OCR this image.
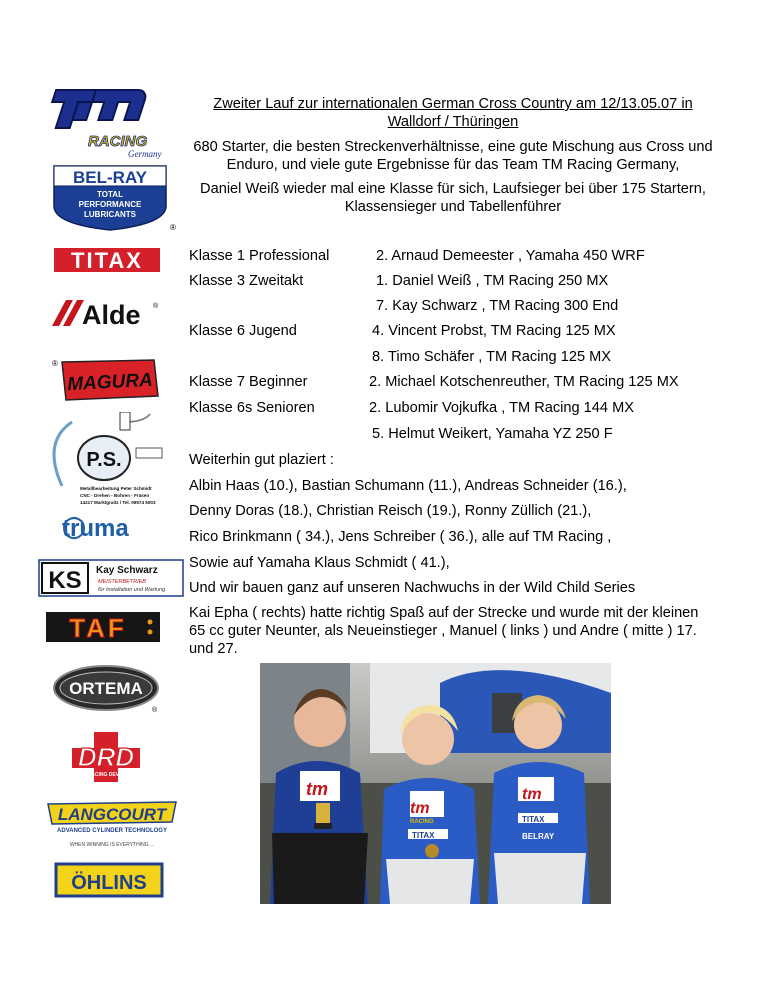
RACING
Germany
BEL-RAY
TOTAL
PERFORMANCE
LUBRICANTS
®
TITAX
Alde ®
MAGURA
®
P.S.
Metallbearbeitung Peter Schmidt
CNC - Drehen - Bohren - Fräsen
14217 Marktgraitz / Tel. 09574 5003
truma
KS Kay Schwarz
MEISTERBETRIEB
für Installation und Wartung
TAF
ORTEMA
®
DRD
DOUBLE RACING DEVELOPMENT
LANGCOURT
ADVANCED CYLINDER TECHNOLOGY
WHEN WINNING IS EVERYTHING ...
ÖHLINS
Zweiter Lauf zur internationalen German Cross Country am 12/13.05.07 in Walldorf / Thüringen
680 Starter, die besten Streckenverhältnisse, eine gute Mischung aus Cross und Enduro, und viele gute Ergebnisse für das Team TM Racing Germany,
Daniel Weiß wieder mal eine Klasse für sich, Laufsieger bei über 175 Startern, Klassensieger und Tabellenführer
Klasse 1 Professional	2. Arnaud Demeester , Yamaha 450 WRF
Klasse 3 Zweitakt	1. Daniel Weiß , TM Racing 250 MX
7. Kay Schwarz , TM Racing 300 End
Klasse 6 Jugend	4. Vincent Probst, TM Racing 125 MX
8. Timo Schäfer , TM Racing 125 MX
Klasse 7 Beginner	2. Michael Kotschenreuther, TM Racing 125 MX
Klasse 6s Senioren	2. Lubomir Vojkufka , TM Racing 144 MX
5. Helmut Weikert, Yamaha YZ 250 F
Weiterhin gut plaziert :
Albin Haas (10.), Bastian Schumann (11.), Andreas Schneider (16.),
Denny Doras (18.), Christian Reisch (19.), Ronny Züllich (21.),
Rico Brinkmann ( 34.), Jens Schreiber ( 36.), alle auf TM Racing ,
Sowie auf Yamaha Klaus Schmidt ( 41.),
Und wir bauen ganz auf unseren Nachwuchs in der Wild Child Series
Kai Epha ( rechts) hatte richtig Spaß auf der Strecke und wurde mit der kleinen 65 cc guter Neunter, als Neueinstieger , Manuel ( links ) und Andre ( mitte ) 17. und 27.
tm
tm
RACING
TITAX
tm
TITAX
BELRAY
